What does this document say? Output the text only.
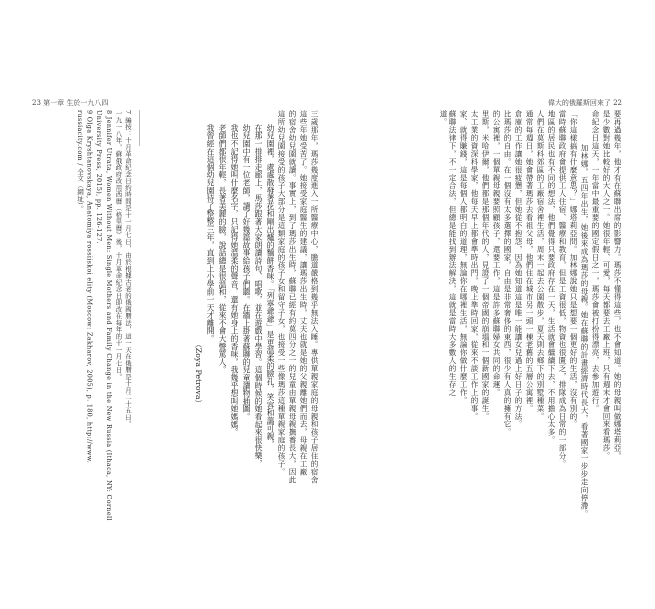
23 第一章 生於一九八四
三歲那年，瑪莎幾度進入一所醫療中心，膽道嚴格到幾乎無法入睡。專供單親家庭的母親和孩子居住的宿舍
這些年她受苦了。她接受家庭醫生的建議，讓瑪莎出生時，丈夫也就是她的父親離她們而去，母親在工廠
的宿舍幼兒園就讀。事實上，到了瑪莎出生時，蘇聯已經有約莫四分之一的兒童由單親母親撫養長大，因此
這所幼兒園接受的孩子大部分是這類家庭的孩子女和留守子女，也接受一些像瑪莎這種單親家庭的孩子。
幼兒園裡，處處散發著花和剛出爐的麵餅香味。「列寧爺爺」是更溫柔的臉孔，笑容和藹可親，
在那一排排走廊上，馬莎跟著大家朗讀詩句、唱歌，並在遊戲中學習。這個時候的她看起來很快樂，
幼兒園中有一位老師，讀了好幾篇故事給孩子們聽。在牆上掛著蘇聯的兒童讀物插圖。
我也不記得她叫什麼名字，只記得她溫柔的聲音，還有她身上的香味，我幾乎想叫她媽媽。
老師們都很年輕，長著美麗的臉，說話總是很溫和，從來不會大聲罵人。
我曾經在這個幼兒園待了整整三年，直到上小學前一天才離開。
（Zoya Petrova）
7 編按：十月革命紀念日約時間是十一月七日，由於根據古老的俄國曆法，這一天在俄曆是十月二十五日。
一九一八年，蘇俄政府改用西曆（格里曆）後，十月革命紀念日即改在每年的十一月七日。
8 Jennifer Utrata, Women Without Men: Single Mothers and Family Change in the New Russia (Ithaca, NY: Cornell
University Press, 2015), pp. 126-127.
9 Olga Kryshtanovskaya, Anatomiya rossiiskoi elity (Moscow: Zakharov, 2005), p. 180, http://www.
russiacity.com / 全文（網址）。
偉大的俄羅斯回來了 22
要再過幾年，他才有在蘇聯出席的影響力。瑪莎不懂得這些，也不會知道。她的母親叫做娜塔莉亞，
是少數對她比較好的大人之一。她很年輕、可愛，每天都要去工廠上班，只有週末才會回來看瑪莎。
命紀念日這天，一年當中最重要的國定假日之一，瑪莎會被打扮得漂亮，去參加遊行。
加林娜，五四年出生，她後來成為瑪莎的母親。她在蘇聯的計畫經濟時代長大，看著國家一步步走向停滯。
「你這樣搞有什麼意思？」娜塔莉亞問。加林娜說她只是想要一個更好的生活，沒有別的。
當時蘇聯政府會提供工人住宿、醫療和教育，但是工資很低，物資也很匱乏，排隊成為日常的一部分。
地區的居民也有不同的想法，他們覺得只要政府存在一天，生活就會繼續下去，不用擔心太多。
人們在莫斯科郊區的工廠宿舍裡生活，周末一起去公園散步，夏天則去鄉下的別墅種菜。
通常每週日，她會帶著瑪莎去看祖父母，他們住在城市另一頭一棟老舊的五層公寓裡。
倉庫的工作讓她很疲憊，但她從不抱怨，因為她知道這是唯一能讓女兒過上好日子的方法。
比瑪莎的自由。在一個沒有太多選擇的國家，自由是非常奢侈的東西，很少有人真的擁有它。
的公寓裡，一個單親母親要照顧孩子，還要工作，這是許多蘇聯婦女共同的命運。
里斯，米哈伊爾，他們都是那個年代的人，見證了一個帝國的崩塌和一個新國家的誕生。
太工業的資深科學家，他每天早上都會準時出門，晚上準時回家，從來不談工作上的事。
家、就得賺錢，這是每個人都明白的道理，無論你在哪裡生活，無論你做什麼工作。
蘇聯法律下，不一定合法，但總是能找到辦法解決，這就是當時大多數人的生存之道。
